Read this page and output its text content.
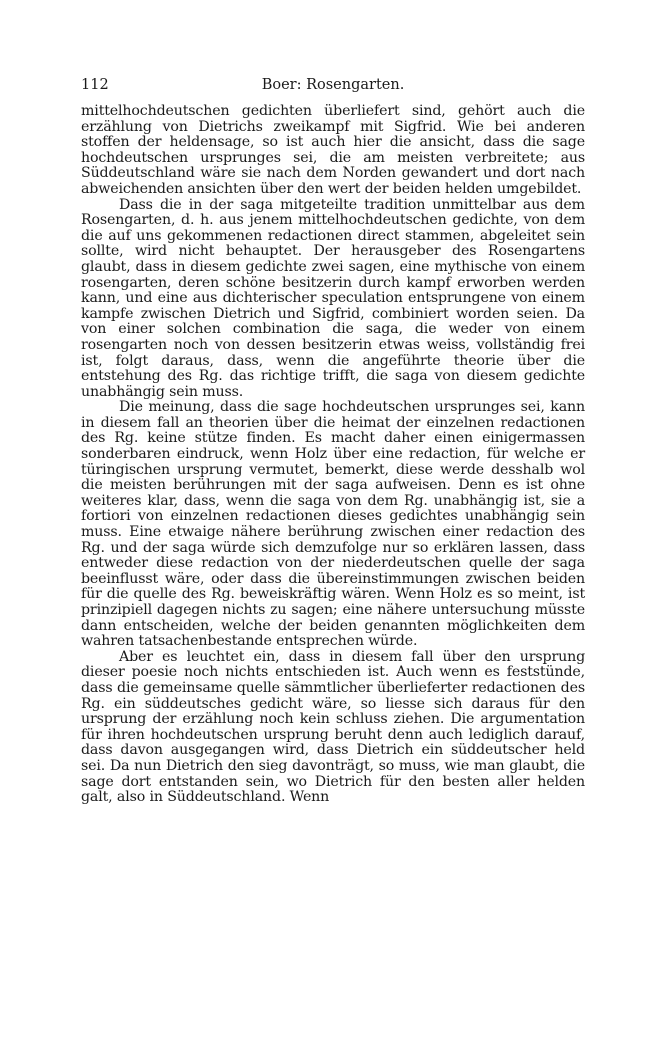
112	Boer: Rosengarten.

mittelhochdeutschen gedichten überliefert sind, gehört auch die erzählung von Dietrichs zweikampf mit Sigfrid. Wie bei anderen stoffen der heldensage, so ist auch hier die ansicht, dass die sage hochdeutschen ursprunges sei, die am meisten verbreitete; aus Süddeutschland wäre sie nach dem Norden gewandert und dort nach abweichenden ansichten über den wert der beiden helden umgebildet.

Dass die in der saga mitgeteilte tradition unmittelbar aus dem Rosengarten, d. h. aus jenem mittelhochdeutschen gedichte, von dem die auf uns gekommenen redactionen direct stammen, abgeleitet sein sollte, wird nicht behauptet. Der herausgeber des Rosengartens glaubt, dass in diesem gedichte zwei sagen, eine mythische von einem rosengarten, deren schöne besitzerin durch kampf erworben werden kann, und eine aus dichterischer speculation entsprungene von einem kampfe zwischen Dietrich und Sigfrid, combiniert worden seien. Da von einer solchen combination die saga, die weder von einem rosengarten noch von dessen besitzerin etwas weiss, vollständig frei ist, folgt daraus, dass, wenn die angeführte theorie über die entstehung des Rg. das richtige trifft, die saga von diesem gedichte unabhängig sein muss.

Die meinung, dass die sage hochdeutschen ursprunges sei, kann in diesem fall an theorien über die heimat der einzelnen redactionen des Rg. keine stütze finden. Es macht daher einen einigermassen sonderbaren eindruck, wenn Holz über eine redaction, für welche er türingischen ursprung vermutet, bemerkt, diese werde desshalb wol die meisten berührungen mit der saga aufweisen. Denn es ist ohne weiteres klar, dass, wenn die saga von dem Rg. unabhängig ist, sie a fortiori von einzelnen redactionen dieses gedichtes unabhängig sein muss. Eine etwaige nähere berührung zwischen einer redaction des Rg. und der saga würde sich demzufolge nur so erklären lassen, dass entweder diese redaction von der niederdeutschen quelle der saga beeinflusst wäre, oder dass die übereinstimmungen zwischen beiden für die quelle des Rg. beweiskräftig wären. Wenn Holz es so meint, ist prinzipiell dagegen nichts zu sagen; eine nähere untersuchung müsste dann entscheiden, welche der beiden genannten möglichkeiten dem wahren tatsachenbestande entsprechen würde.

Aber es leuchtet ein, dass in diesem fall über den ursprung dieser poesie noch nichts entschieden ist. Auch wenn es feststünde, dass die gemeinsame quelle sämmtlicher überlieferter redactionen des Rg. ein süddeutsches gedicht wäre, so liesse sich daraus für den ursprung der erzählung noch kein schluss ziehen. Die argumentation für ihren hochdeutschen ursprung beruht denn auch lediglich darauf, dass davon ausgegangen wird, dass Dietrich ein süddeutscher held sei. Da nun Dietrich den sieg davonträgt, so muss, wie man glaubt, die sage dort entstanden sein, wo Dietrich für den besten aller helden galt, also in Süddeutschland. Wenn
